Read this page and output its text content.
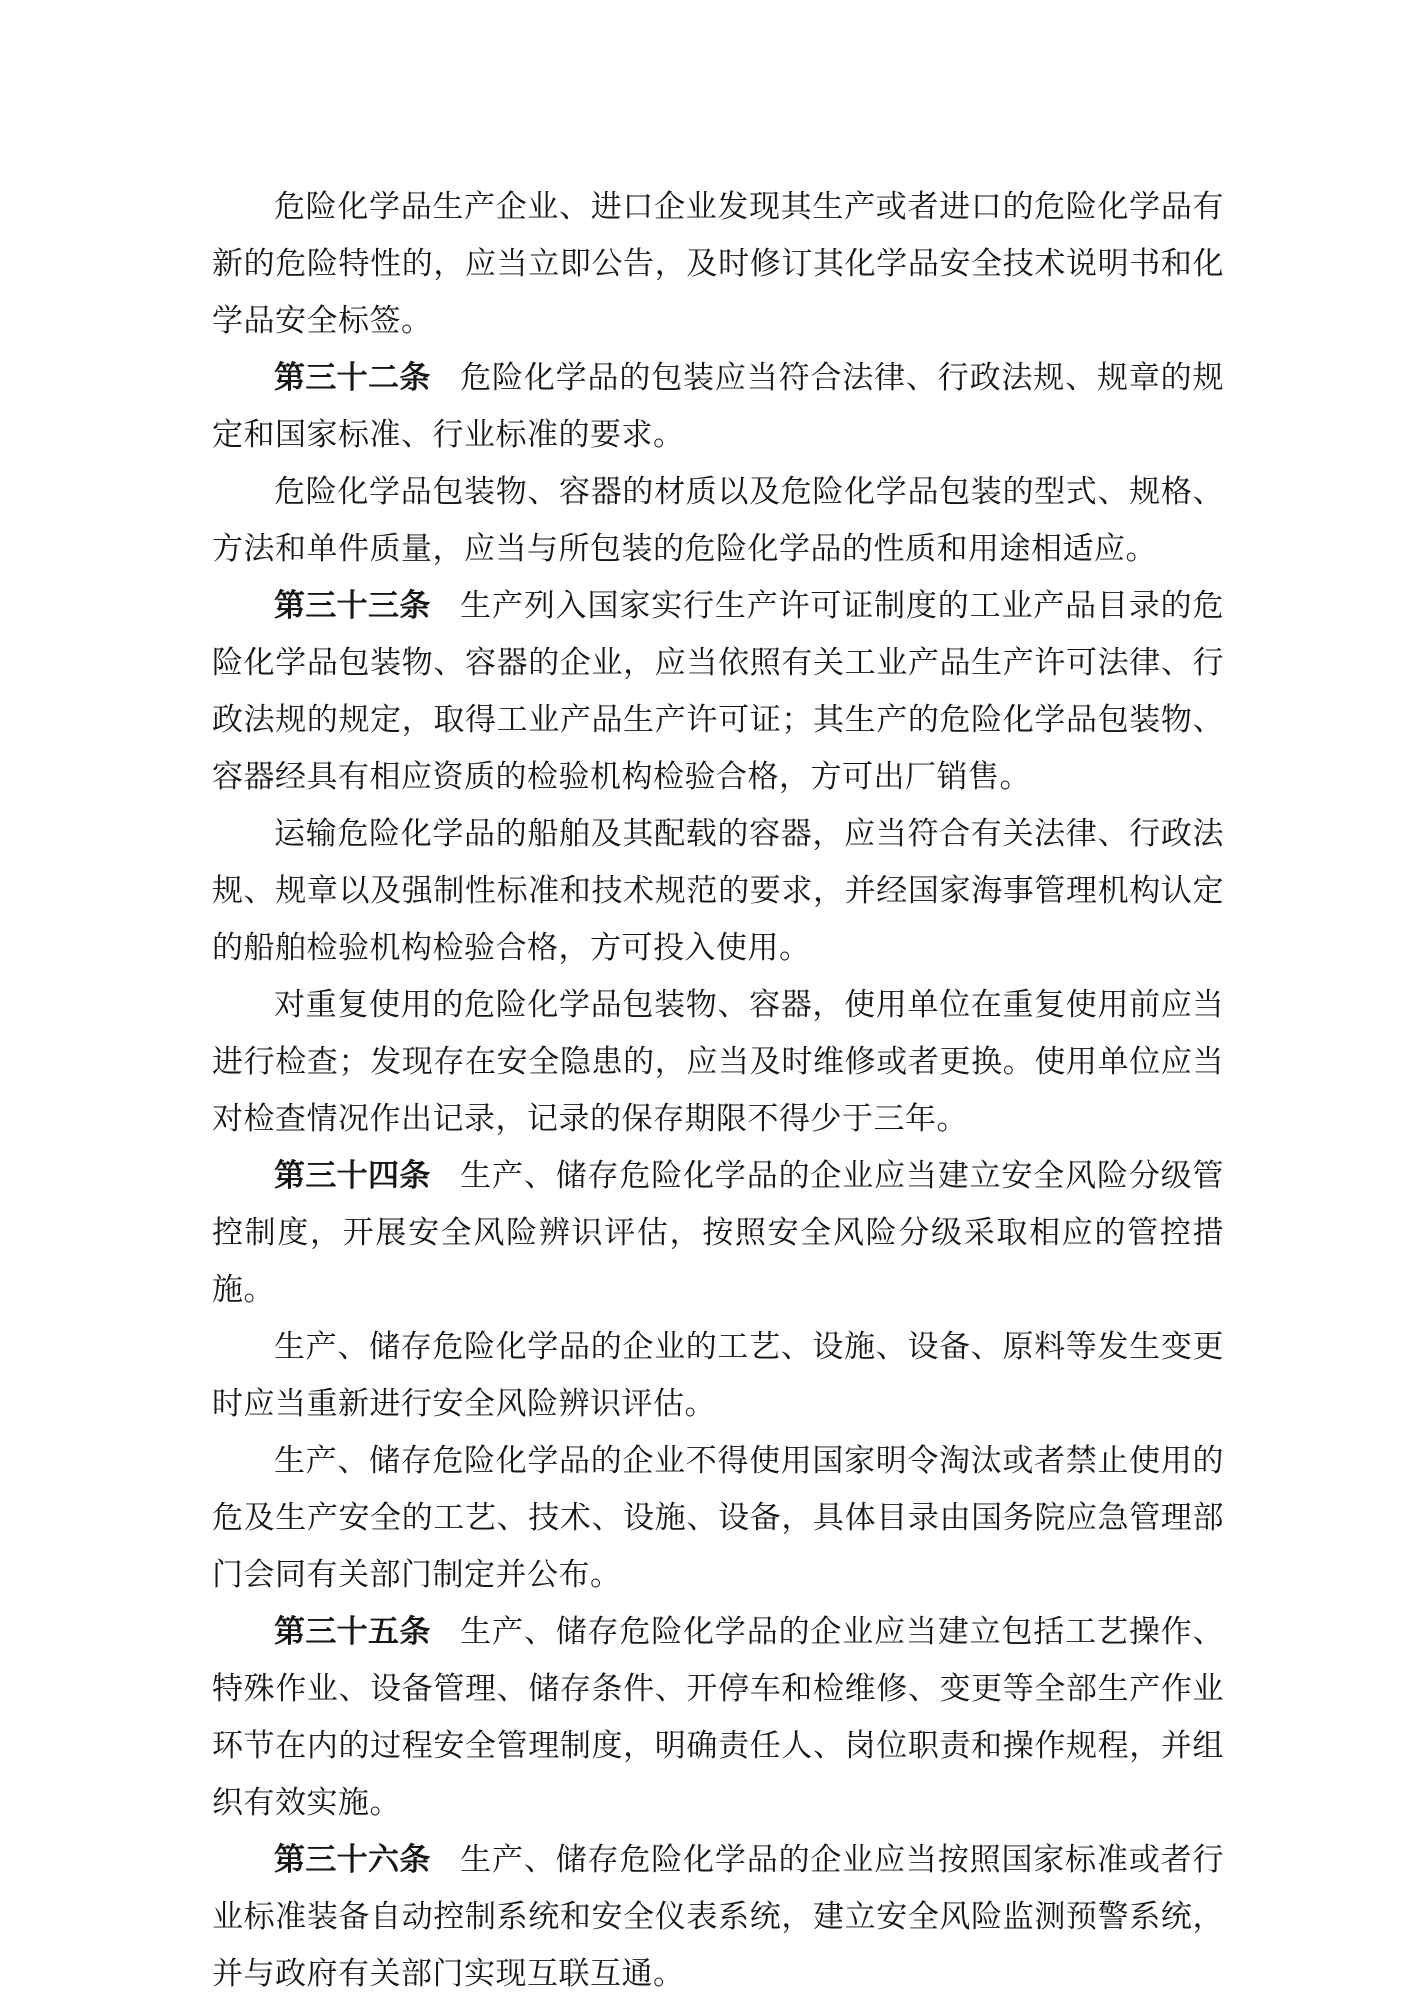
危险化学品生产企业、进口企业发现其生产或者进口的危险化学品有新的危险特性的，应当立即公告，及时修订其化学品安全技术说明书和化学品安全标签。

第三十二条 危险化学品的包装应当符合法律、行政法规、规章的规定和国家标准、行业标准的要求。

危险化学品包装物、容器的材质以及危险化学品包装的型式、规格、方法和单件质量，应当与所包装的危险化学品的性质和用途相适应。

第三十三条 生产列入国家实行生产许可证制度的工业产品目录的危险化学品包装物、容器的企业，应当依照有关工业产品生产许可法律、行政法规的规定，取得工业产品生产许可证；其生产的危险化学品包装物、容器经具有相应资质的检验机构检验合格，方可出厂销售。

运输危险化学品的船舶及其配载的容器，应当符合有关法律、行政法规、规章以及强制性标准和技术规范的要求，并经国家海事管理机构认定的船舶检验机构检验合格，方可投入使用。

对重复使用的危险化学品包装物、容器，使用单位在重复使用前应当进行检查；发现存在安全隐患的，应当及时维修或者更换。使用单位应当对检查情况作出记录，记录的保存期限不得少于三年。

第三十四条 生产、储存危险化学品的企业应当建立安全风险分级管控制度，开展安全风险辨识评估，按照安全风险分级采取相应的管控措施。

生产、储存危险化学品的企业的工艺、设施、设备、原料等发生变更时应当重新进行安全风险辨识评估。

生产、储存危险化学品的企业不得使用国家明令淘汰或者禁止使用的危及生产安全的工艺、技术、设施、设备，具体目录由国务院应急管理部门会同有关部门制定并公布。

第三十五条 生产、储存危险化学品的企业应当建立包括工艺操作、特殊作业、设备管理、储存条件、开停车和检维修、变更等全部生产作业环节在内的过程安全管理制度，明确责任人、岗位职责和操作规程，并组织有效实施。

第三十六条 生产、储存危险化学品的企业应当按照国家标准或者行业标准装备自动控制系统和安全仪表系统，建立安全风险监测预警系统，并与政府有关部门实现互联互通。
